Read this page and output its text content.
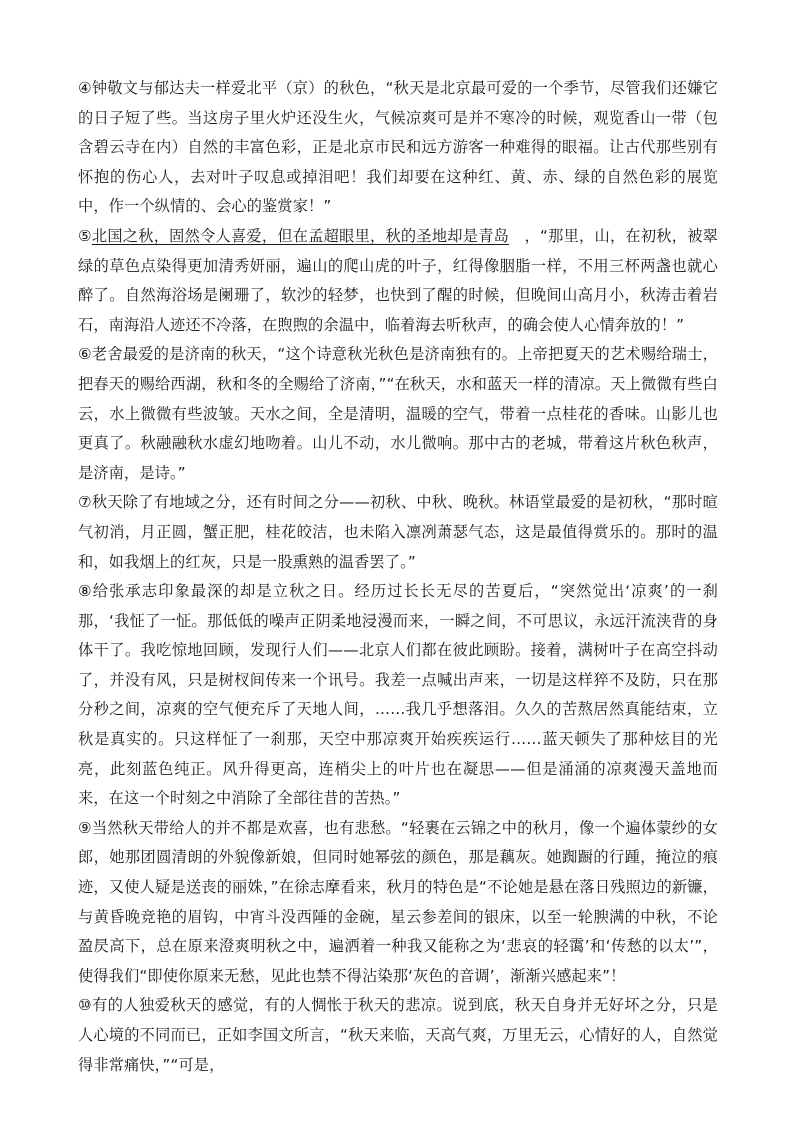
④钟敬文与郁达夫一样爱北平（京）的秋色，“秋天是北京最可爱的一个季节，尽管我们还嫌它的日子短了些。当这房子里火炉还没生火，气候凉爽可是并不寒冷的时候，观览香山一带（包含碧云寺在内）自然的丰富色彩，正是北京市民和远方游客一种难得的眼福。让古代那些别有怀抱的伤心人，去对叶子叹息或掉泪吧！我们却要在这种红、黄、赤、绿的自然色彩的展览中，作一个纵情的、会心的鉴赏家！”

⑤北国之秋，固然令人喜爱，但在孟超眼里，秋的圣地却是青岛　，“那里，山，在初秋，被翠绿的草色点染得更加清秀妍丽，遍山的爬山虎的叶子，红得像胭脂一样，不用三杯两盏也就心醉了。自然海浴场是阑珊了，软沙的轻梦，也快到了醒的时候，但晚间山高月小，秋涛击着岩石，南海沿人迹还不冷落，在煦煦的余温中，临着海去听秋声，的确会使人心情奔放的！”

⑥老舍最爱的是济南的秋天，“这个诗意秋光秋色是济南独有的。上帝把夏天的艺术赐给瑞士，把春天的赐给西湖，秋和冬的全赐给了济南，”“在秋天，水和蓝天一样的清凉。天上微微有些白云，水上微微有些波皱。天水之间，全是清明，温暖的空气，带着一点桂花的香味。山影儿也更真了。秋融融秋水虚幻地吻着。山儿不动，水儿微响。那中古的老城，带着这片秋色秋声，是济南，是诗。”

⑦秋天除了有地域之分，还有时间之分——初秋、中秋、晚秋。林语堂最爱的是初秋，“那时暄气初消，月正圆，蟹正肥，桂花皎洁，也未陷入凛冽萧瑟气态，这是最值得赏乐的。那时的温和，如我烟上的红灰，只是一股熏熟的温香罢了。”

⑧给张承志印象最深的却是立秋之日。经历过长长无尽的苦夏后，“突然觉出‘凉爽’的一刹那，‘我怔了一怔。那低低的噪声正阴柔地浸漫而来，一瞬之间，不可思议，永远汗流浃背的身体干了。我吃惊地回顾，发现行人们——北京人们都在彼此顾盼。接着，满树叶子在高空抖动了，并没有风，只是树杈间传来一个讯号。我差一点喊出声来，一切是这样猝不及防，只在那分秒之间，凉爽的空气便充斥了天地人间，……我几乎想落泪。久久的苦熬居然真能结束，立秋是真实的。只这样怔了一刹那，天空中那凉爽开始疾疾运行……蓝天顿失了那种炫目的光亮，此刻蓝色纯正。风升得更高，连梢尖上的叶片也在凝思——但是涌涌的凉爽漫天盖地而来，在这一个时刻之中消除了全部往昔的苦热。”

⑨当然秋天带给人的并不都是欢喜，也有悲愁。“轻裹在云锦之中的秋月，像一个遍体蒙纱的女郎，她那团圆清朗的外貌像新娘，但同时她幂弦的颜色，那是藕灰。她踟蹰的行踵，掩泣的痕迹，又使人疑是送丧的丽姝，”在徐志摩看来，秋月的特色是“不论她是悬在落日残照边的新镰，与黄昏晚竞艳的眉钩，中宵斗没西陲的金碗，星云参差间的银床，以至一轮腴满的中秋，不论盈昃高下，总在原来澄爽明秋之中，遍洒着一种我又能称之为‘悲哀的轻霭’和‘传愁的以太’”，使得我们“即使你原来无愁，见此也禁不得沾染那‘灰色的音调’，渐渐兴感起来”！

⑩有的人独爱秋天的感觉，有的人惆怅于秋天的悲凉。说到底，秋天自身并无好坏之分，只是人心境的不同而已，正如李国文所言，“秋天来临，天高气爽，万里无云，心情好的人，自然觉得非常痛快，”“可是，
